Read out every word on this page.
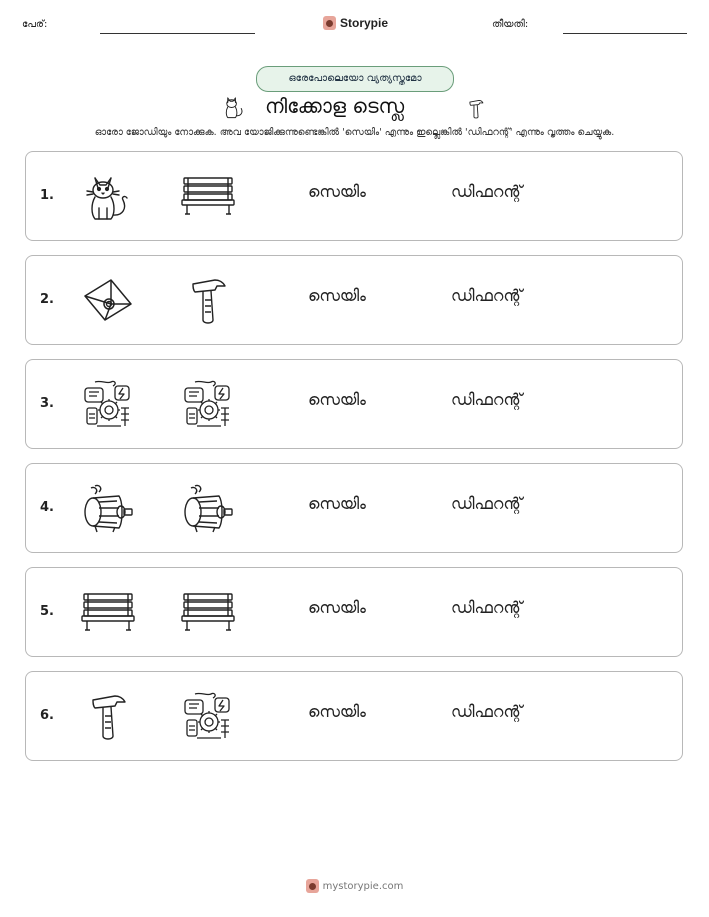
പേര്:	Storypie	തീയതി:
ഒരേപോലെയോ വ്യത്യസ്തമോ
നിക്കോള ടെസ്ല
ഓരോ ജോഡിയും നോക്കുക. അവ യോജിക്കുന്നുണ്ടെങ്കിൽ 'സെയിം' എന്നും ഇല്ലെങ്കിൽ 'ഡിഫറന്റ്' എന്നും വൃത്തം ചെയ്യുക.
1.	സെയിം	ഡിഫറന്റ്
2.	സെയിം	ഡിഫറന്റ്
3.	സെയിം	ഡിഫറന്റ്
4.	സെയിം	ഡിഫറന്റ്
5.	സെയിം	ഡിഫറന്റ്
6.	സെയിം	ഡിഫറന്റ്
mystorypie.com
